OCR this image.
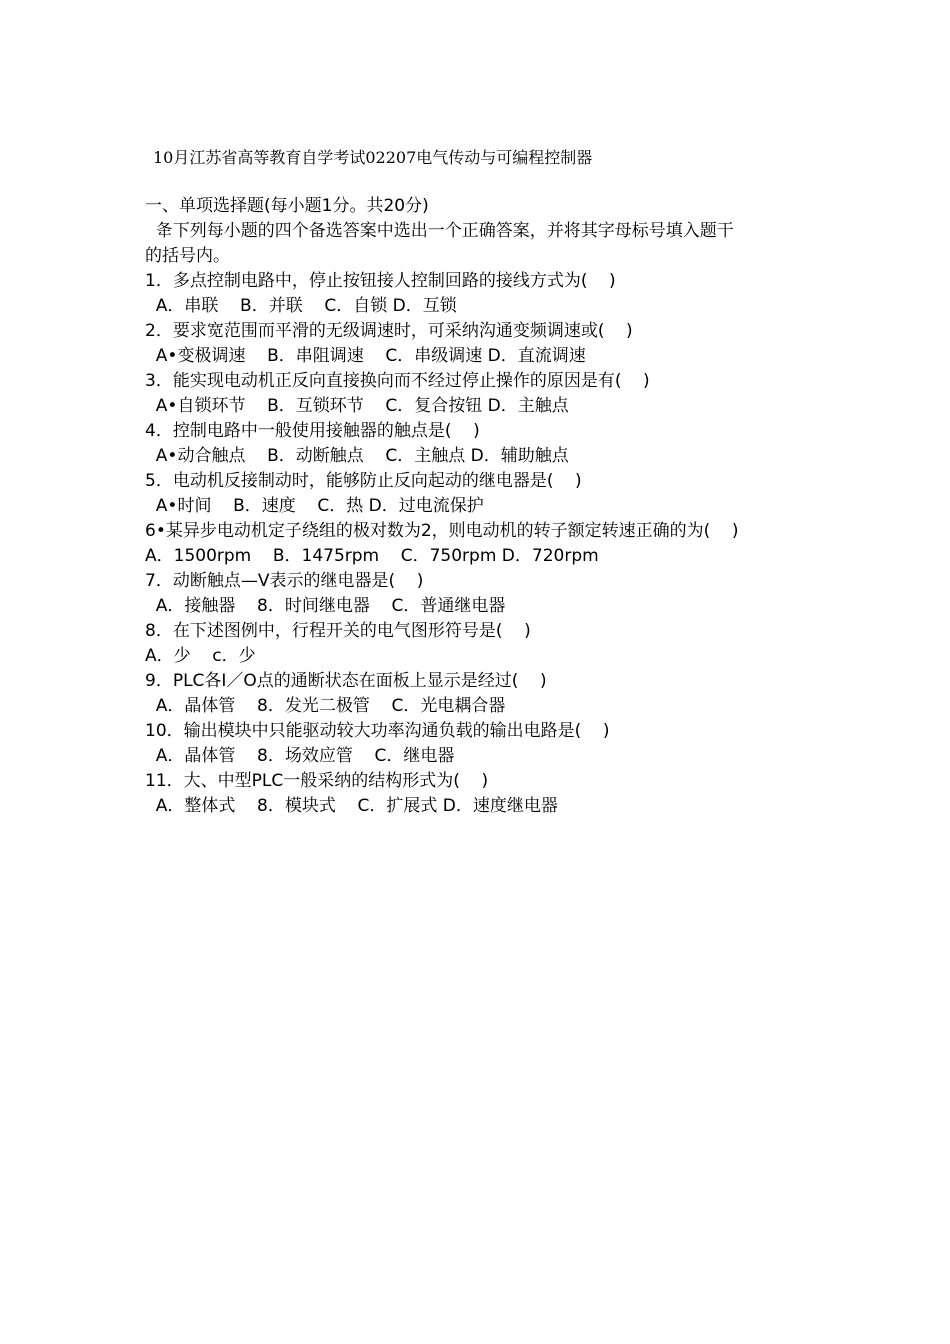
10月江苏省高等教育自学考试02207电气传动与可编程控制器
一、单项选择题(每小题1分。共20分)
夅下列每小题的四个备选答案中选出一个正确答案，并将其字母标号填入题干
的括号内。
1．多点控制电路中，停止按钮接人控制回路的接线方式为(    )
A．串联    B．并联    C．自锁 D．互锁
2．要求宽范围而平滑的无级调速时，可采纳沟通变频调速或(    )
A•变极调速    B．串阻调速    C．串级调速 D．直流调速
3．能实现电动机正反向直接换向而不经过停止操作的原因是有(    )
A•自锁环节    B．互锁环节    C．复合按钮 D．主触点
4．控制电路中一般使用接触器的触点是(    )
A•动合触点    B．动断触点    C．主触点 D．辅助触点
5．电动机反接制动时，能够防止反向起动的继电器是(    )
A•时间    B．速度    C．热 D．过电流保护
6•某异步电动机定子绕组的极对数为2，则电动机的转子额定转速正确的为(    )
A．1500rpm    B．1475rpm    C．750rpm D．720rpm
7．动断触点—V表示的继电器是(    )
A．接触器    8．时间继电器    C．普通继电器
8．在下述图例中，行程开关的电气图形符号是(    )
A．少    c．少
9．PLC各I／O点的通断状态在面板上显示是经过(    )
A．晶体管    8．发光二极管    C．光电耦合器
10．输出模块中只能驱动较大功率沟通负载的输出电路是(    )
A．晶体管    8．场效应管    C．继电器
11．大、中型PLC一般采纳的结构形式为(    )
A．整体式    8．模块式    C．扩展式 D．速度继电器
